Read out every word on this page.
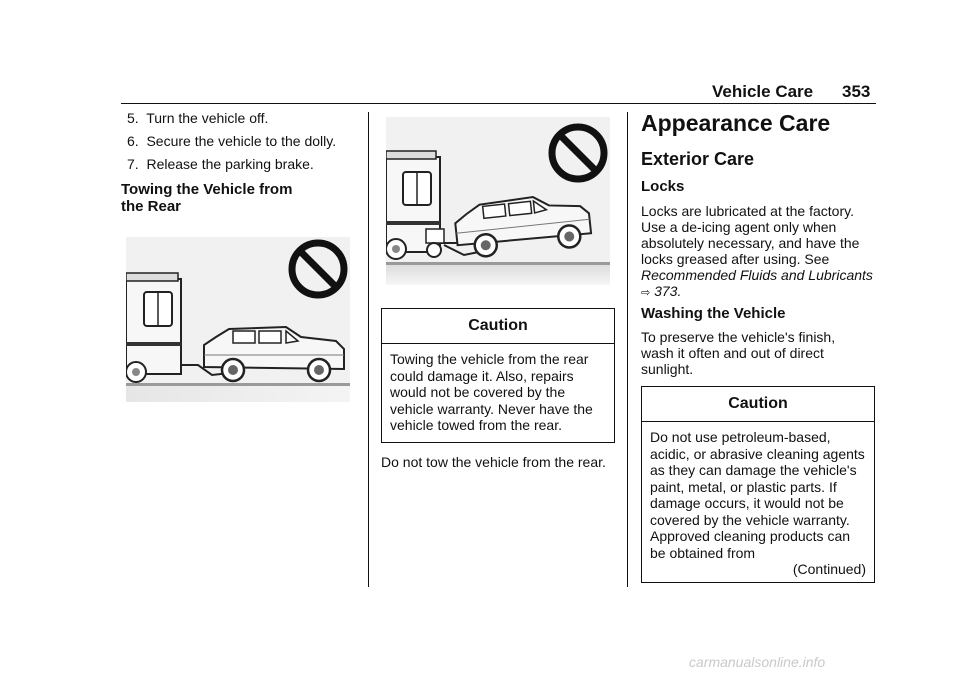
Vehicle Care 353
5. Turn the vehicle off.
6. Secure the vehicle to the dolly.
7. Release the parking brake.
Towing the Vehicle from
the Rear
Caution
Towing the vehicle from the rear could damage it. Also, repairs would not be covered by the vehicle warranty. Never have the vehicle towed from the rear.
Do not tow the vehicle from the rear.
Appearance Care
Exterior Care
Locks
Locks are lubricated at the factory. Use a de-icing agent only when absolutely necessary, and have the locks greased after using. See Recommended Fluids and Lubricants ⇨ 373.
Washing the Vehicle
To preserve the vehicle's finish, wash it often and out of direct sunlight.
Caution
Do not use petroleum-based, acidic, or abrasive cleaning agents as they can damage the vehicle's paint, metal, or plastic parts. If damage occurs, it would not be covered by the vehicle warranty. Approved cleaning products can be obtained from
(Continued)
carmanualsonline.info
